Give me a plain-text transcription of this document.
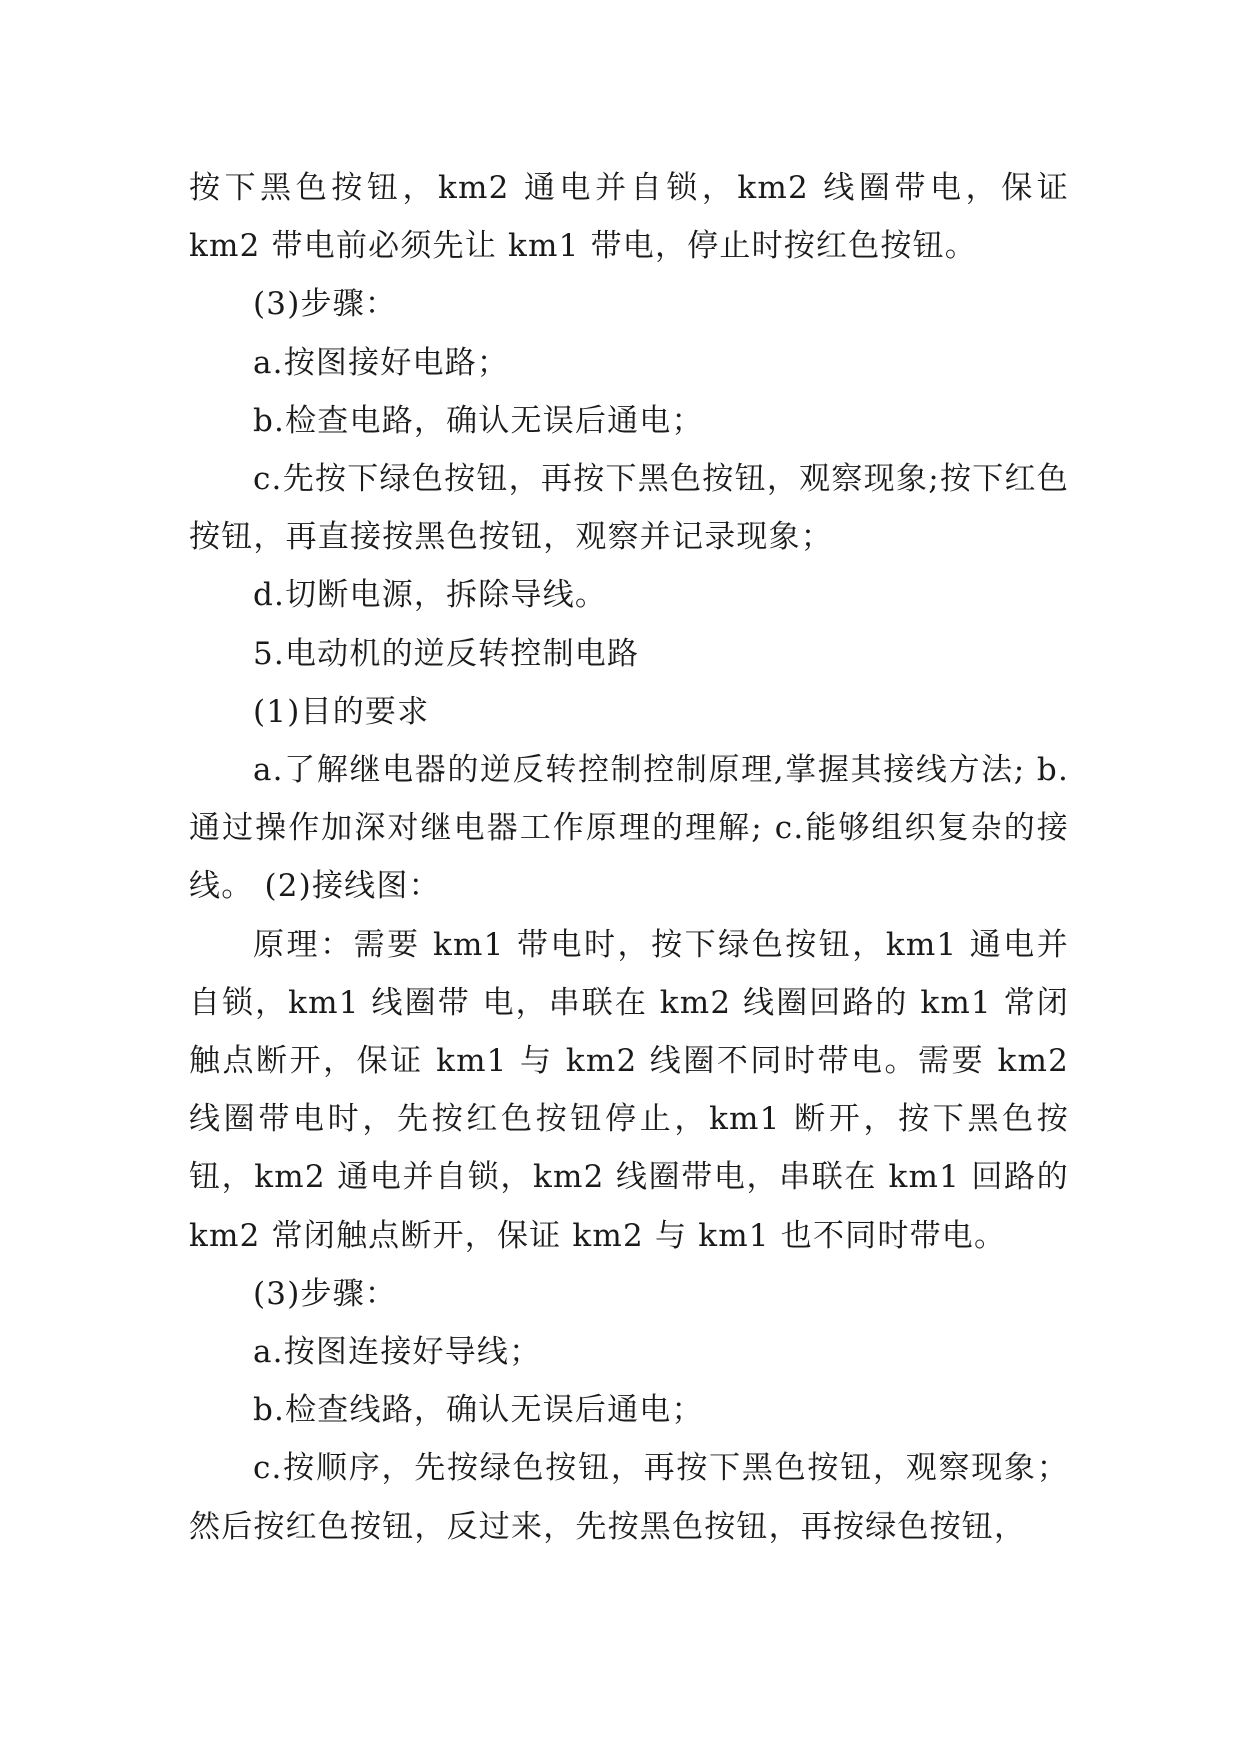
按下黑色按钮，km2 通电并自锁，km2 线圈带电，保证 km2 带电前必须先让 km1 带电，停止时按红色按钮。

(3)步骤：

a.按图接好电路；

b.检查电路，确认无误后通电；

c.先按下绿色按钮，再按下黑色按钮，观察现象;按下红色按钮，再直接按黑色按钮，观察并记录现象；

d.切断电源，拆除导线。

5.电动机的逆反转控制电路

(1)目的要求

a.了解继电器的逆反转控制控制原理,掌握其接线方法; b.通过操作加深对继电器工作原理的理解; c.能够组织复杂的接线。 (2)接线图：

原理：需要 km1 带电时，按下绿色按钮，km1 通电并自锁，km1 线圈带 电，串联在 km2 线圈回路的 km1 常闭触点断开，保证 km1 与 km2 线圈不同时带电。需要 km2 线圈带电时，先按红色按钮停止，km1 断开，按下黑色按钮，km2 通电并自锁，km2 线圈带电，串联在 km1 回路的 km2 常闭触点断开，保证 km2 与 km1 也不同时带电。

(3)步骤：

a.按图连接好导线；

b.检查线路，确认无误后通电；

c.按顺序，先按绿色按钮，再按下黑色按钮，观察现象；然后按红色按钮，反过来，先按黑色按钮，再按绿色按钮，
